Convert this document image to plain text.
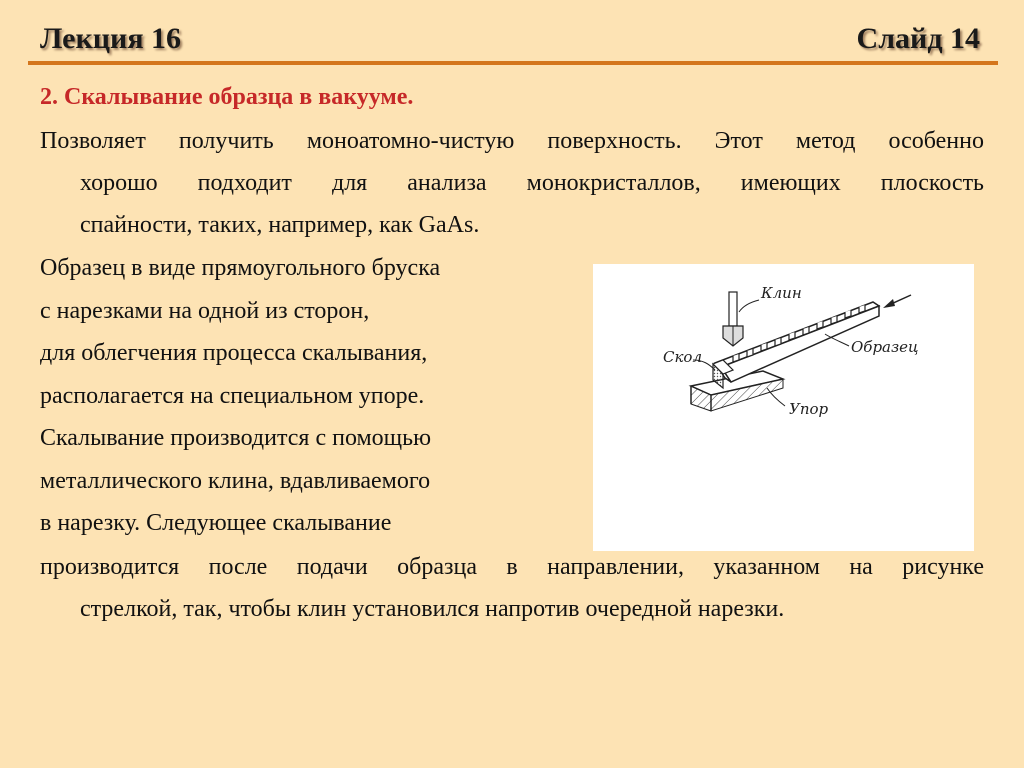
Лекция 16	Слайд 14
2. Скалывание образца в вакууме.
Позволяет получить моноатомно-чистую поверхность. Этот метод особенно
хорошо подходит для анализа монокристаллов, имеющих плоскость
спайности, таких, например, как GaAs.
Образец в виде прямоугольного бруска
с нарезками на одной из сторон,
для облегчения процесса скалывания,
располагается на специальном упоре.
Скалывание производится с помощью
металлического клина, вдавливаемого
в нарезку. Следующее скалывание
производится после подачи образца в направлении, указанном на рисунке
стрелкой, так, чтобы клин установился напротив очередной нарезки.
Клин
Скол
Образец
Упор
